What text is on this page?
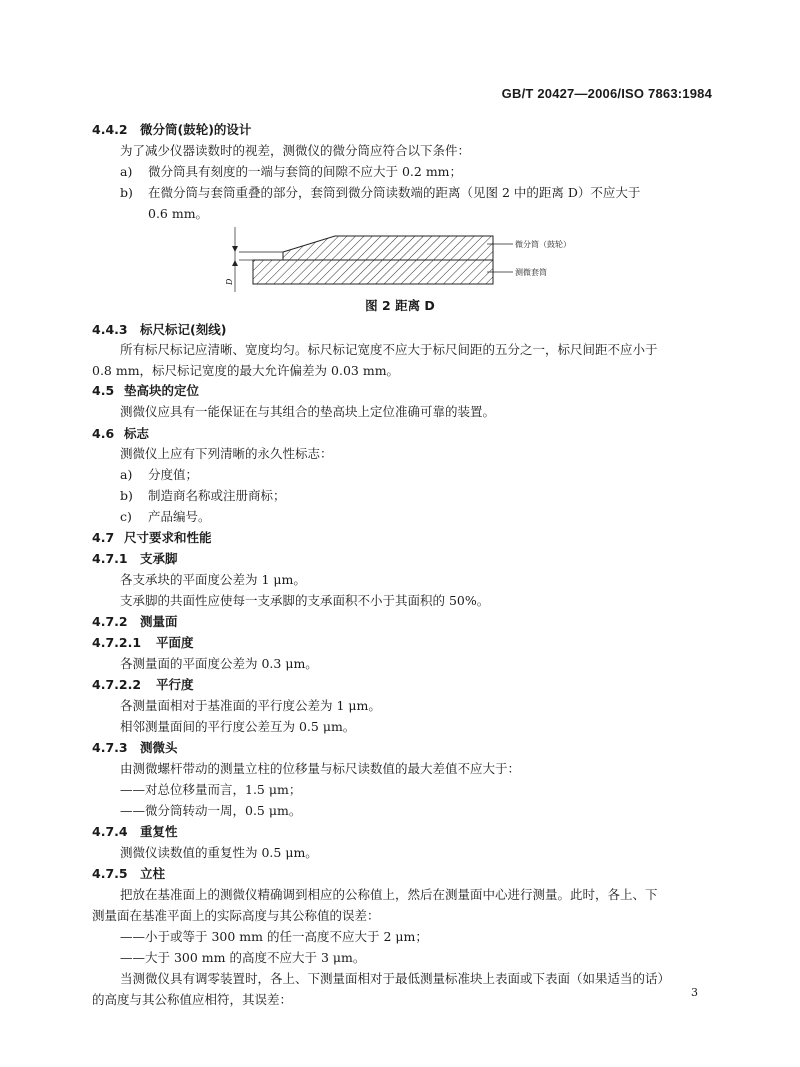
GB/T 20427—2006/ISO 7863:1984
4.4.2 微分筒(鼓轮)的设计
为了减少仪器读数时的视差，测微仪的微分筒应符合以下条件：
a) 微分筒具有刻度的一端与套筒的间隙不应大于 0.2 mm；
b) 在微分筒与套筒重叠的部分，套筒到微分筒读数端的距离（见图 2 中的距离 D）不应大于
0.6 mm。
D
微分筒（鼓轮）
测微套筒
图 2 距离 D
4.4.3 标尺标记(刻线)
所有标尺标记应清晰、宽度均匀。标尺标记宽度不应大于标尺间距的五分之一，标尺间距不应小于
0.8 mm，标尺标记宽度的最大允许偏差为 0.03 mm。
4.5 垫高块的定位
测微仪应具有一能保证在与其组合的垫高块上定位准确可靠的装置。
4.6 标志
测微仪上应有下列清晰的永久性标志：
a) 分度值；
b) 制造商名称或注册商标；
c) 产品编号。
4.7 尺寸要求和性能
4.7.1 支承脚
各支承块的平面度公差为 1 μm。
支承脚的共面性应使每一支承脚的支承面积不小于其面积的 50%。
4.7.2 测量面
4.7.2.1 平面度
各测量面的平面度公差为 0.3 μm。
4.7.2.2 平行度
各测量面相对于基准面的平行度公差为 1 μm。
相邻测量面间的平行度公差互为 0.5 μm。
4.7.3 测微头
由测微螺杆带动的测量立柱的位移量与标尺读数值的最大差值不应大于：
——对总位移量而言，1.5 μm；
——微分筒转动一周，0.5 μm。
4.7.4 重复性
测微仪读数值的重复性为 0.5 μm。
4.7.5 立柱
把放在基准面上的测微仪精确调到相应的公称值上，然后在测量面中心进行测量。此时，各上、下
测量面在基准平面上的实际高度与其公称值的误差：
——小于或等于 300 mm 的任一高度不应大于 2 μm；
——大于 300 mm 的高度不应大于 3 μm。
当测微仪具有调零装置时，各上、下测量面相对于最低测量标准块上表面或下表面（如果适当的话）
的高度与其公称值应相符，其误差：	3
